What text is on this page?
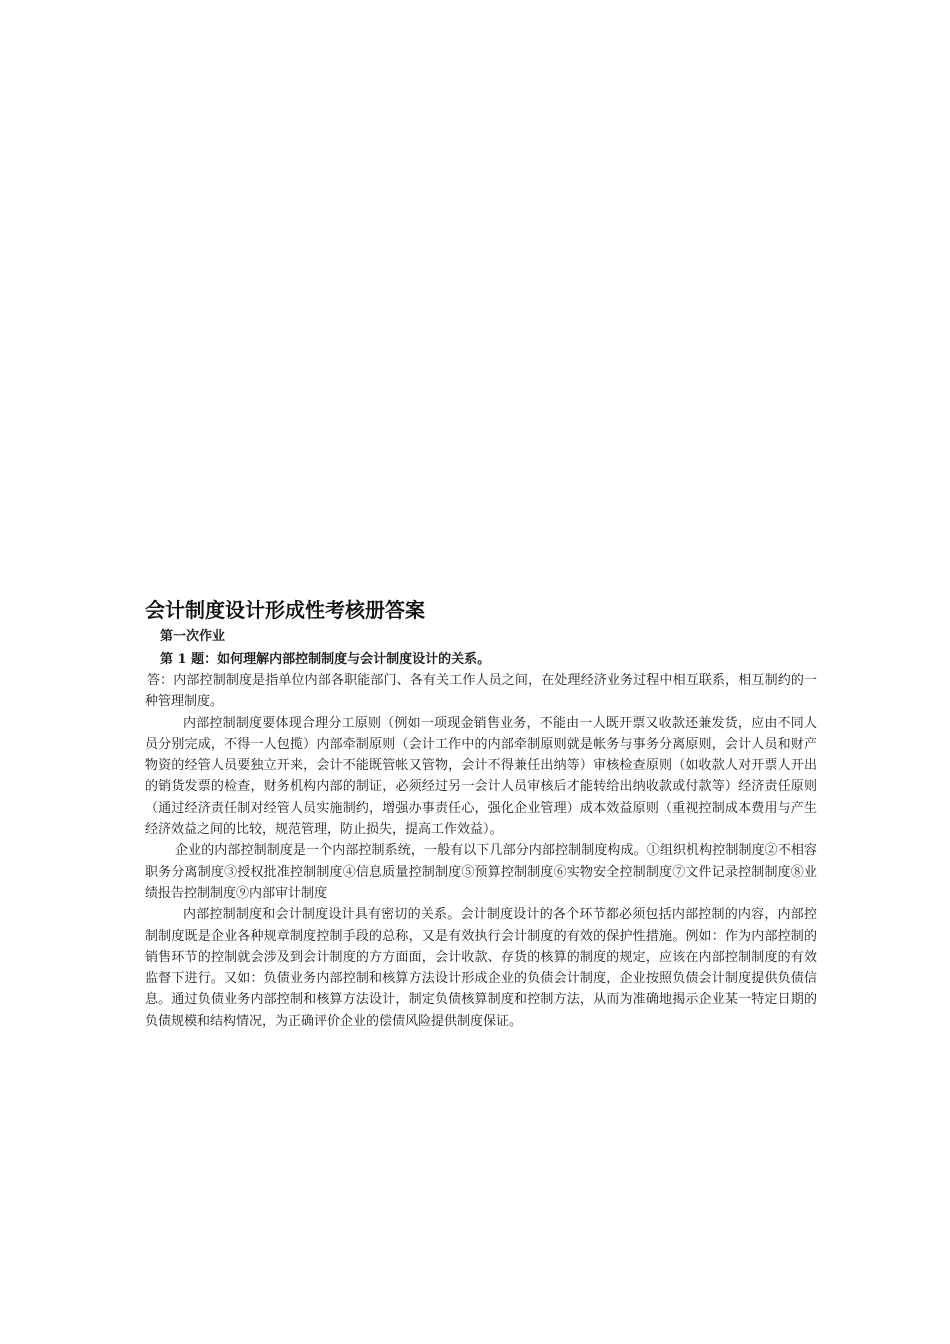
会计制度设计形成性考核册答案
第一次作业
第 1 题：如何理解内部控制制度与会计制度设计的关系。

答：内部控制制度是指单位内部各职能部门、各有关工作人员之间，在处理经济业务过程中相互联系，相互制约的一种管理制度。

内部控制制度要体现合理分工原则（例如一项现金销售业务，不能由一人既开票又收款还兼发货，应由不同人员分别完成，不得一人包揽）内部牵制原则（会计工作中的内部牵制原则就是帐务与事务分离原则，会计人员和财产物资的经管人员要独立开来，会计不能既管帐又管物，会计不得兼任出纳等）审核检查原则（如收款人对开票人开出的销货发票的检查，财务机构内部的制证，必须经过另一会计人员审核后才能转给出纳收款或付款等）经济责任原则（通过经济责任制对经管人员实施制约，增强办事责任心，强化企业管理）成本效益原则（重视控制成本费用与产生经济效益之间的比较，规范管理，防止损失，提高工作效益）。

企业的内部控制制度是一个内部控制系统，一般有以下几部分内部控制制度构成。①组织机构控制制度②不相容职务分离制度③授权批准控制制度④信息质量控制制度⑤预算控制制度⑥实物安全控制制度⑦文件记录控制制度⑧业绩报告控制制度⑨内部审计制度

内部控制制度和会计制度设计具有密切的关系。会计制度设计的各个环节都必须包括内部控制的内容，内部控制制度既是企业各种规章制度控制手段的总称，又是有效执行会计制度的有效的保护性措施。例如：作为内部控制的销售环节的控制就会涉及到会计制度的方方面面，会计收款、存货的核算的制度的规定，应该在内部控制制度的有效监督下进行。又如：负债业务内部控制和核算方法设计形成企业的负债会计制度，企业按照负债会计制度提供负债信息。通过负债业务内部控制和核算方法设计，制定负债核算制度和控制方法，从而为准确地揭示企业某一特定日期的负债规模和结构情况，为正确评价企业的偿债风险提供制度保证。
